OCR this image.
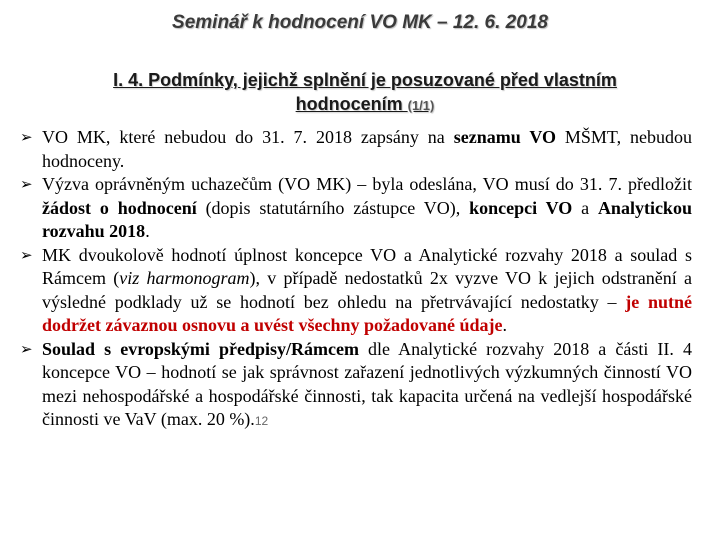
Seminář k hodnocení VO MK – 12. 6. 2018
I. 4. Podmínky, jejichž splnění je posuzované před vlastním
hodnocením (1/1)
➢ VO MK, které nebudou do 31. 7. 2018 zapsány na seznamu VO MŠMT, nebudou hodnoceny.
➢ Výzva oprávněným uchazečům (VO MK) – byla odeslána, VO musí do 31. 7. předložit žádost o hodnocení (dopis statutárního zástupce VO), koncepci VO a Analytickou rozvahu 2018.
➢ MK dvoukolově hodnotí úplnost koncepce VO a Analytické rozvahy 2018 a soulad s Rámcem (viz harmonogram), v případě nedostatků 2x vyzve VO k jejich odstranění a výsledné podklady už se hodnotí bez ohledu na přetrvávající nedostatky – je nutné dodržet závaznou osnovu a uvést všechny požadované údaje.
➢ Soulad s evropskými předpisy/Rámcem dle Analytické rozvahy 2018 a části II. 4 koncepce VO – hodnotí se jak správnost zařazení jednotlivých výzkumných činností VO mezi nehospodářské a hospodářské činnosti, tak kapacita určená na vedlejší hospodářské činnosti ve VaV (max. 20 %).12
